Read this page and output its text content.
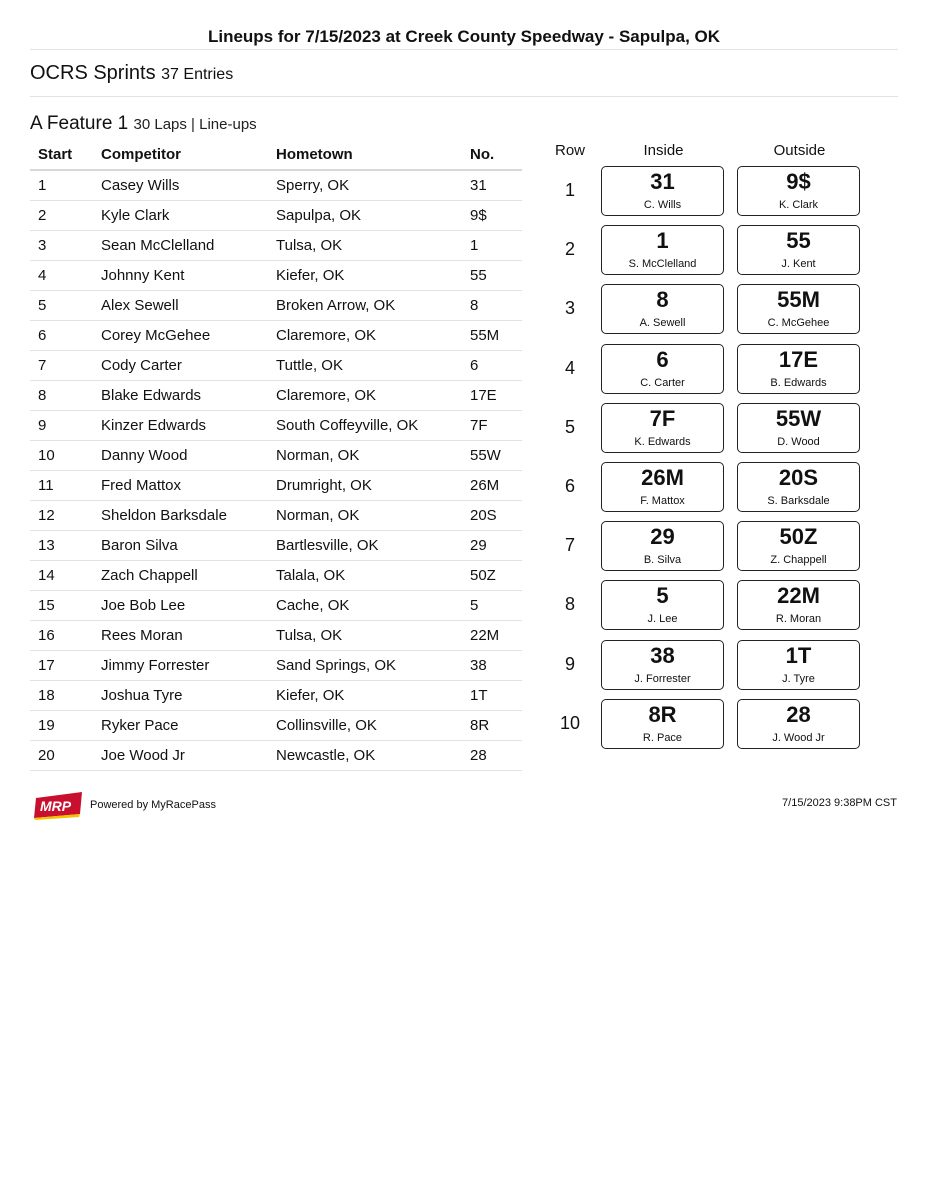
Lineups for 7/15/2023 at Creek County Speedway - Sapulpa, OK
OCRS Sprints 37 Entries
A Feature 1 30 Laps | Line-ups
Start	Competitor	Hometown	No.
1	Casey Wills	Sperry, OK	31
2	Kyle Clark	Sapulpa, OK	9$
3	Sean McClelland	Tulsa, OK	1
4	Johnny Kent	Kiefer, OK	55
5	Alex Sewell	Broken Arrow, OK	8
6	Corey McGehee	Claremore, OK	55M
7	Cody Carter	Tuttle, OK	6
8	Blake Edwards	Claremore, OK	17E
9	Kinzer Edwards	South Coffeyville, OK	7F
10	Danny Wood	Norman, OK	55W
11	Fred Mattox	Drumright, OK	26M
12	Sheldon Barksdale	Norman, OK	20S
13	Baron Silva	Bartlesville, OK	29
14	Zach Chappell	Talala, OK	50Z
15	Joe Bob Lee	Cache, OK	5
16	Rees Moran	Tulsa, OK	22M
17	Jimmy Forrester	Sand Springs, OK	38
18	Joshua Tyre	Kiefer, OK	1T
19	Ryker Pace	Collinsville, OK	8R
20	Joe Wood Jr	Newcastle, OK	28
Row	Inside	Outside
1	31
C. Wills
9$
K. Clark
2	1
S. McClelland
55
J. Kent
3	8
A. Sewell
55M
C. McGehee
4	6
C. Carter
17E
B. Edwards
5	7F
K. Edwards
55W
D. Wood
6	26M
F. Mattox
20S
S. Barksdale
7	29
B. Silva
50Z
Z. Chappell
8	5
J. Lee
22M
R. Moran
9	38
J. Forrester
1T
J. Tyre
10	8R
R. Pace
28
J. Wood Jr
MRP Powered by MyRacePass	7/15/2023 9:38PM CST
